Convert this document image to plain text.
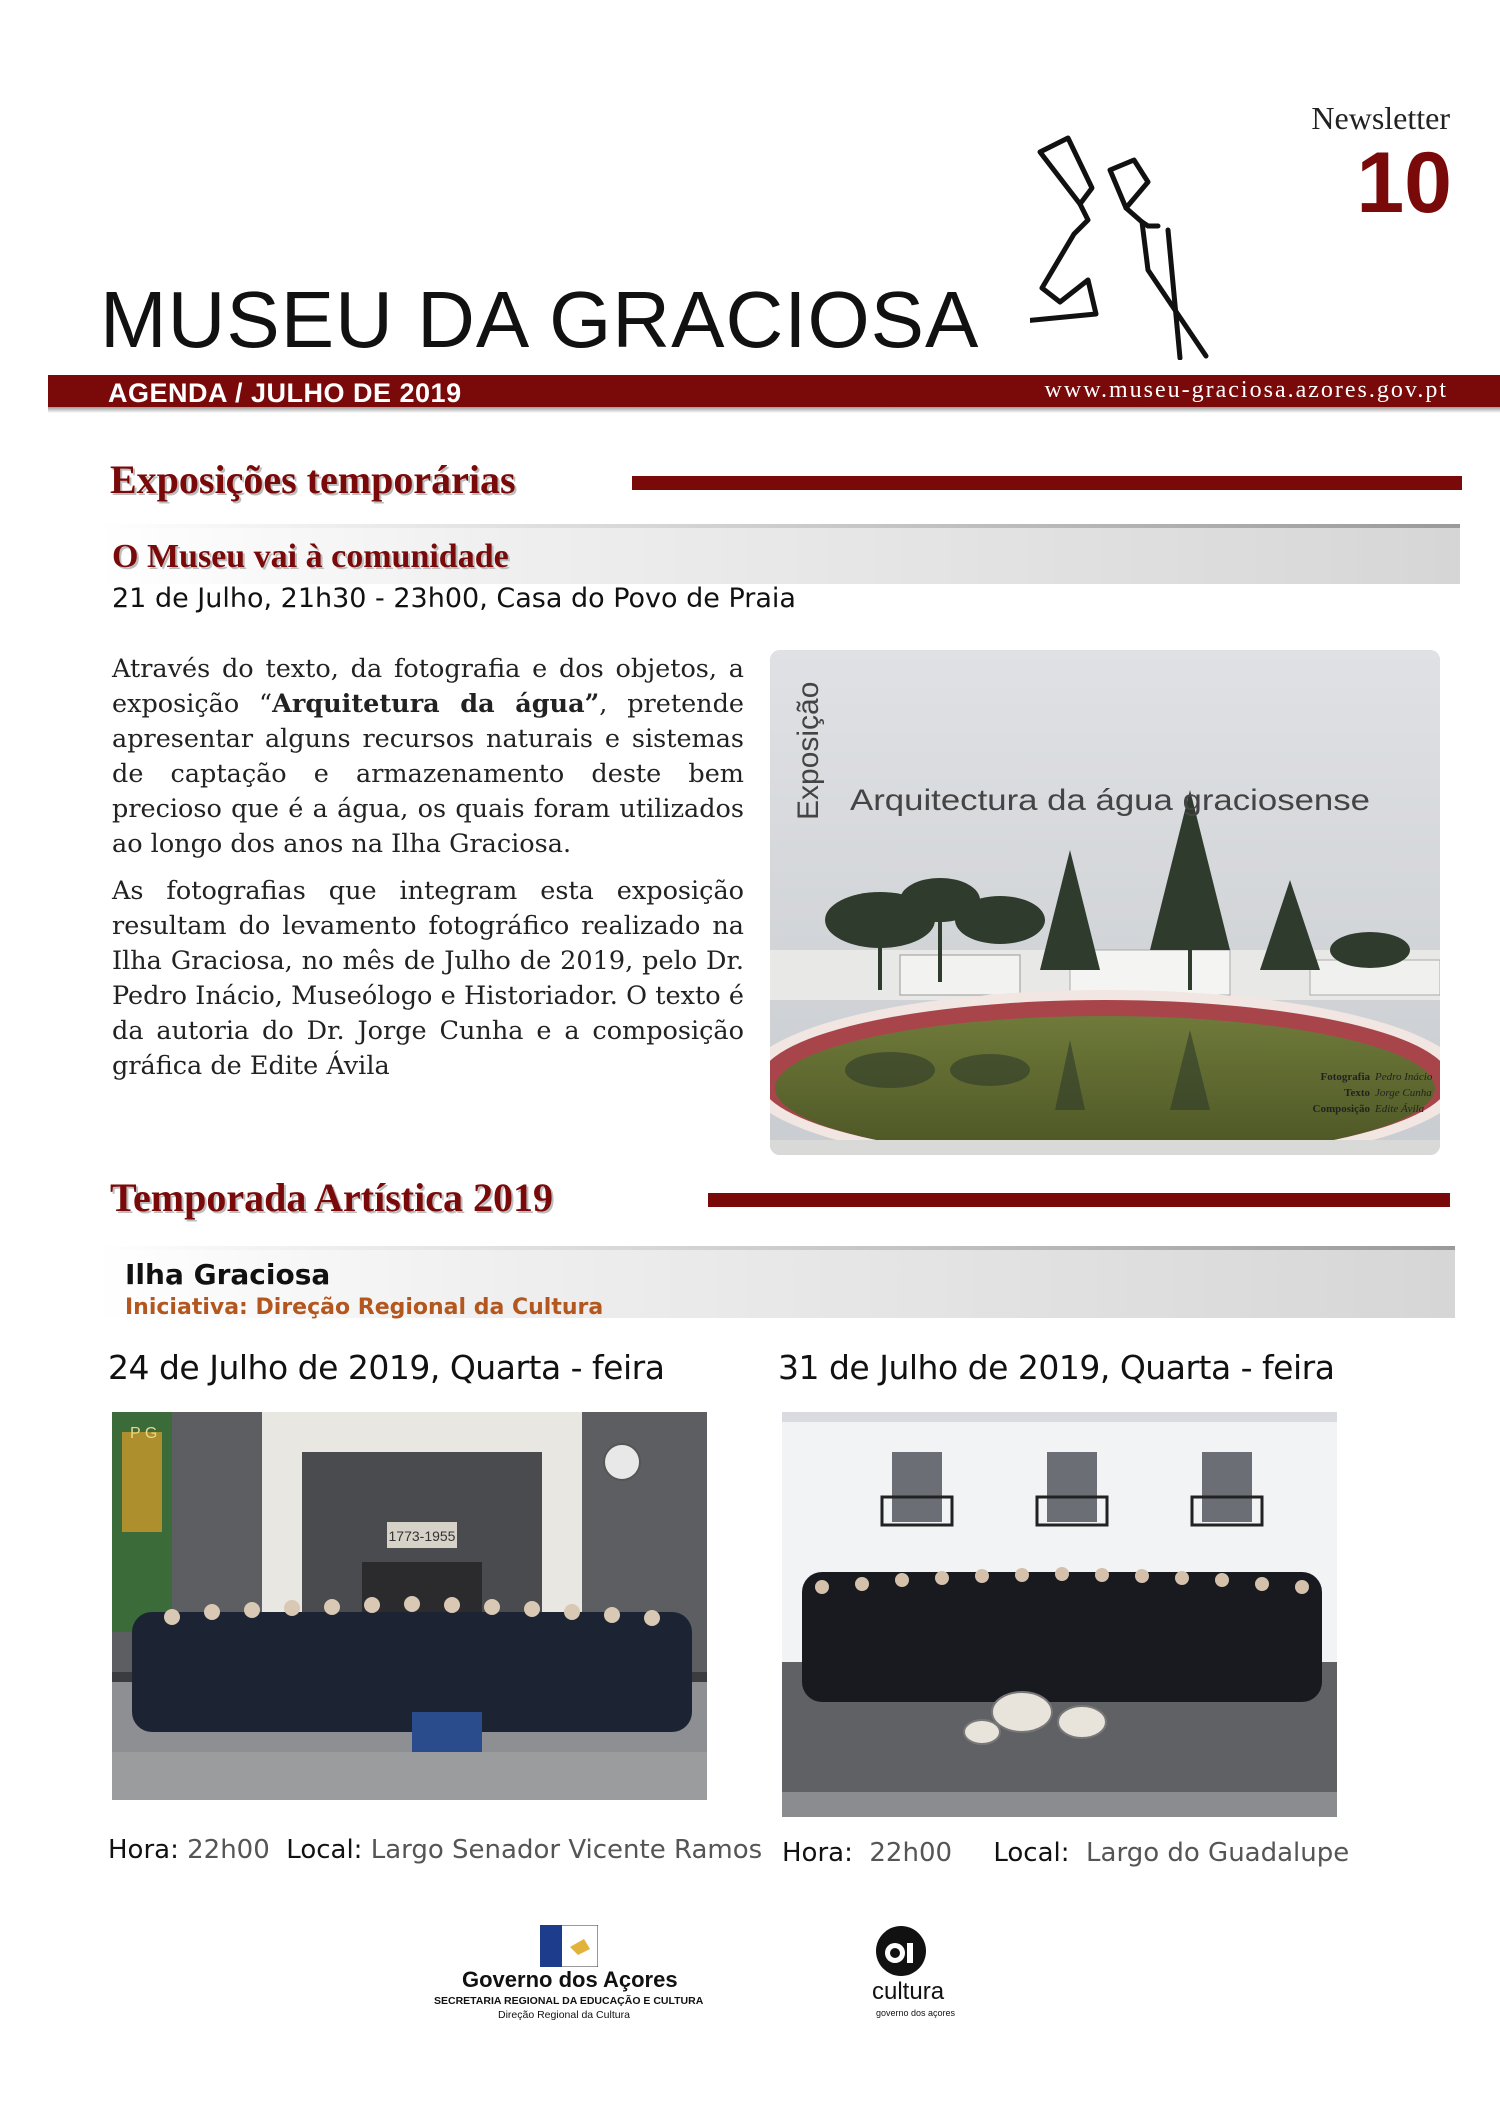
Newsletter
10
MUSEU DA GRACIOSA
AGENDA / JULHO DE 2019	www.museu-graciosa.azores.gov.pt
Exposições temporárias
O Museu vai à comunidade
21 de Julho, 21h30 - 23h00, Casa do Povo de Praia

Através do texto, da fotografia e dos objetos, a exposição “Arquitetura da água”, pretende apresentar alguns recursos naturais e sistemas de captação e armazenamento deste bem precioso que é a água, os quais foram utilizados ao longo dos anos na Ilha Graciosa.

As fotografias que integram esta exposição resultam do levamento fotográfico realizado na Ilha Graciosa, no mês de Julho de 2019, pelo Dr. Pedro Inácio, Museólogo e Historiador. O texto é da autoria do Dr. Jorge Cunha e a composição gráfica de Edite Ávila

Exposição Arquitectura da água graciosense
Fotografia Pedro Inácio
Texto Jorge Cunha
Composição Edite Ávila
Temporada Artística 2019
Ilha Graciosa
Iniciativa: Direção Regional da Cultura
24 de Julho de 2019, Quarta - feira	31 de Julho de 2019, Quarta - feira
1773-1955
P G
Hora: 22h00 Local: Largo Senador Vicente Ramos Hora: 22h00 Local: Largo do Guadalupe
Governo dos Açores
SECRETARIA REGIONAL DA EDUCAÇÃO E CULTURA
Direção Regional da Cultura
cultura
governo dos açores
